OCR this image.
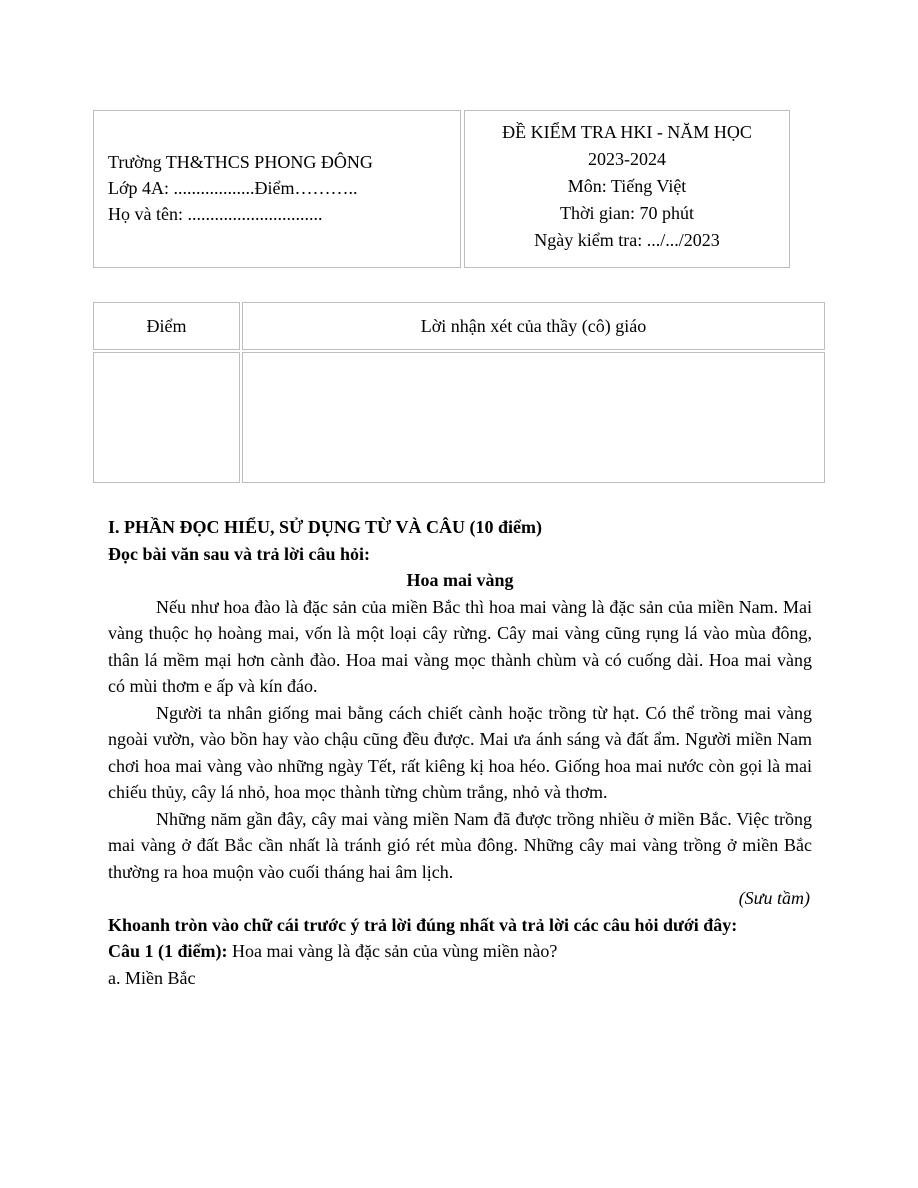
Trường TH&THCS PHONG ĐÔNG
Lớp 4A: ..................Điểm………..
Họ và tên: ..............................
ĐỀ KIỂM TRA HKI - NĂM HỌC
2023-2024
Môn: Tiếng Việt
Thời gian: 70 phút
Ngày kiểm tra: .../.../2023
Điểm	Lời nhận xét của thầy (cô) giáo

I. PHẦN ĐỌC HIỂU, SỬ DỤNG TỪ VÀ CÂU (10 điểm)

Đọc bài văn sau và trả lời câu hỏi:

Hoa mai vàng

Nếu như hoa đào là đặc sản của miền Bắc thì hoa mai vàng là đặc sản của miền Nam. Mai vàng thuộc họ hoàng mai, vốn là một loại cây rừng. Cây mai vàng cũng rụng lá vào mùa đông, thân lá mềm mại hơn cành đào. Hoa mai vàng mọc thành chùm và có cuống dài. Hoa mai vàng có mùi thơm e ấp và kín đáo.

Người ta nhân giống mai bằng cách chiết cành hoặc trồng từ hạt. Có thể trồng mai vàng ngoài vườn, vào bồn hay vào chậu cũng đều được. Mai ưa ánh sáng và đất ẩm. Người miền Nam chơi hoa mai vàng vào những ngày Tết, rất kiêng kị hoa héo. Giống hoa mai nước còn gọi là mai chiếu thủy, cây lá nhỏ, hoa mọc thành từng chùm trắng, nhỏ và thơm.

Những năm gần đây, cây mai vàng miền Nam đã được trồng nhiều ở miền Bắc. Việc trồng mai vàng ở đất Bắc cần nhất là tránh gió rét mùa đông. Những cây mai vàng trồng ở miền Bắc thường ra hoa muộn vào cuối tháng hai âm lịch.

(Sưu tầm)

Khoanh tròn vào chữ cái trước ý trả lời đúng nhất và trả lời các câu hỏi dưới đây:

Câu 1 (1 điểm): Hoa mai vàng là đặc sản của vùng miền nào?

a. Miền Bắc
